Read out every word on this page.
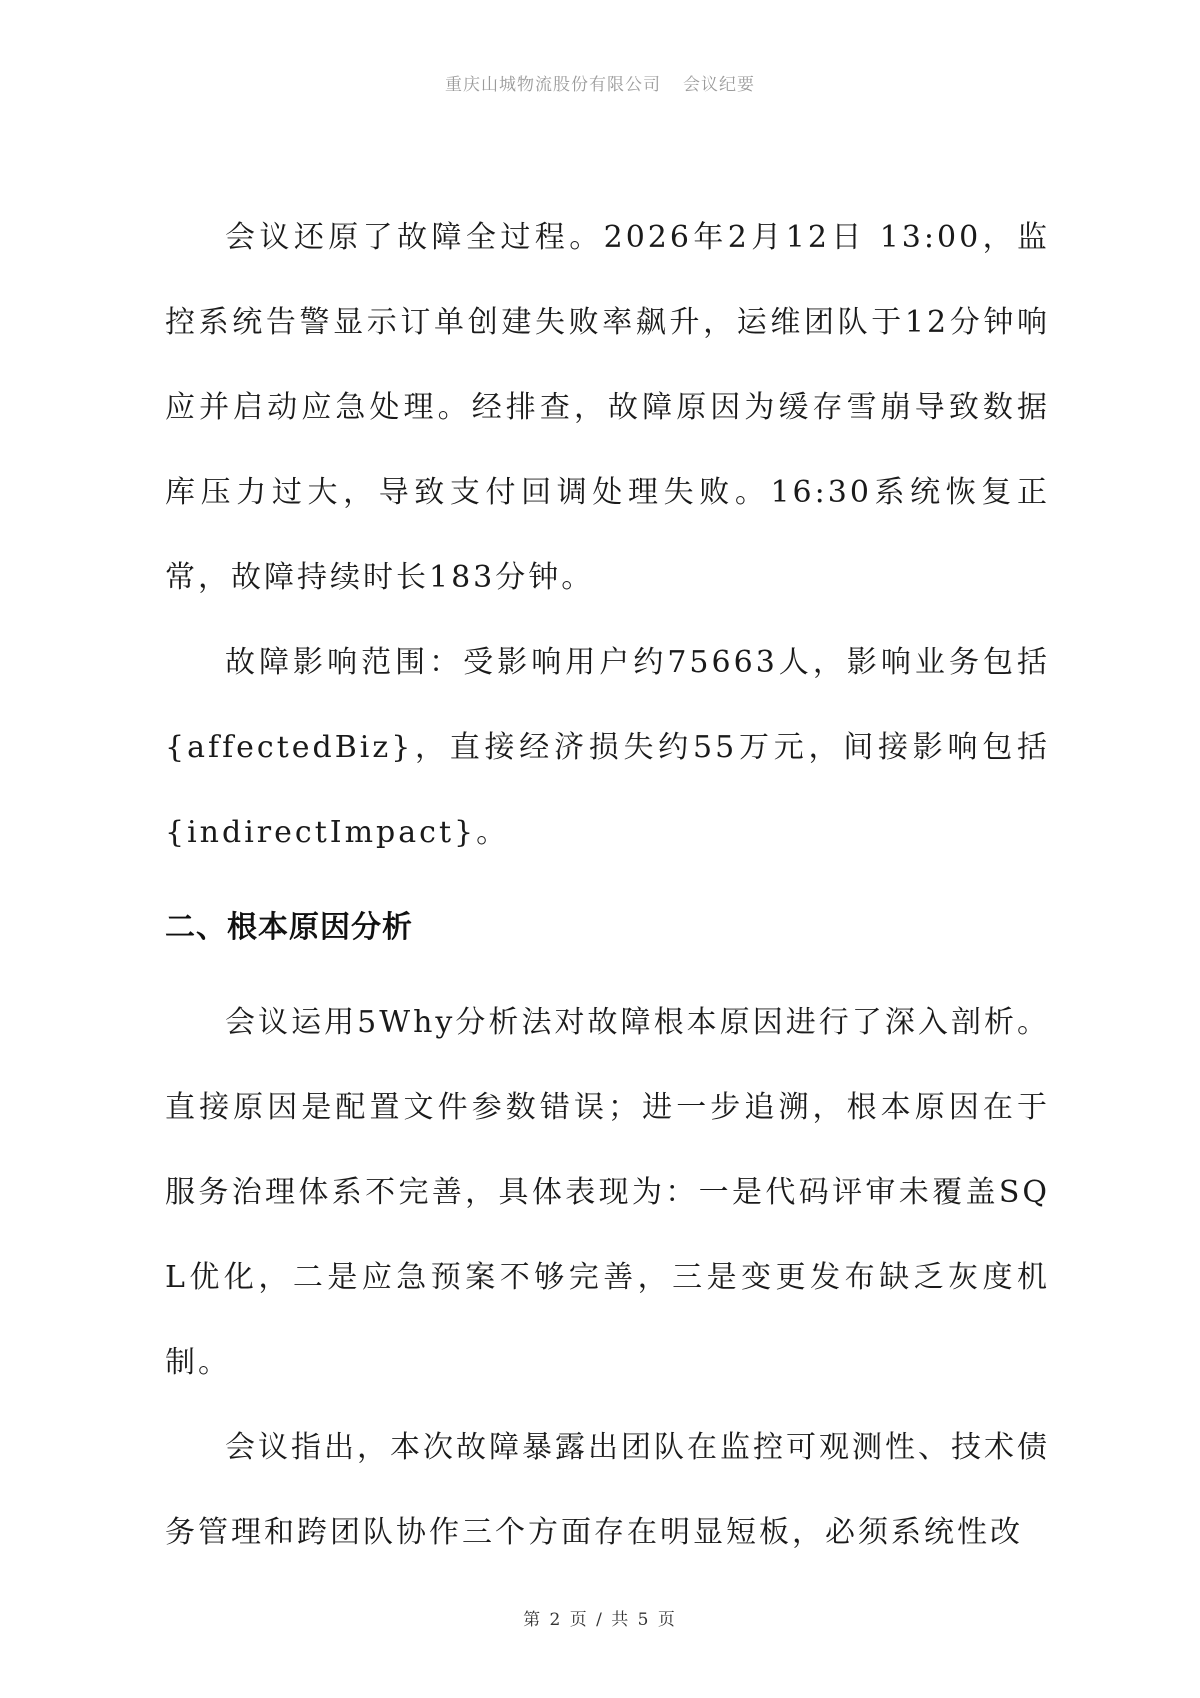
重庆山城物流股份有限公司 会议纪要

会议还原了故障全过程。2026年2月12日 13:00，监控系统告警显示订单创建失败率飙升，运维团队于12分钟响应并启动应急处理。经排查，故障原因为缓存雪崩导致数据库压力过大，导致支付回调处理失败。16:30系统恢复正常，故障持续时长183分钟。

故障影响范围：受影响用户约75663人，影响业务包括{affectedBiz}，直接经济损失约55万元，间接影响包括{indirectImpact}。

二、根本原因分析

会议运用5Why分析法对故障根本原因进行了深入剖析。直接原因是配置文件参数错误；进一步追溯，根本原因在于服务治理体系不完善，具体表现为：一是代码评审未覆盖SQL优化，二是应急预案不够完善，三是变更发布缺乏灰度机制。

会议指出，本次故障暴露出团队在监控可观测性、技术债务管理和跨团队协作三个方面存在明显短板，必须系统性改

第 2 页 / 共 5 页
